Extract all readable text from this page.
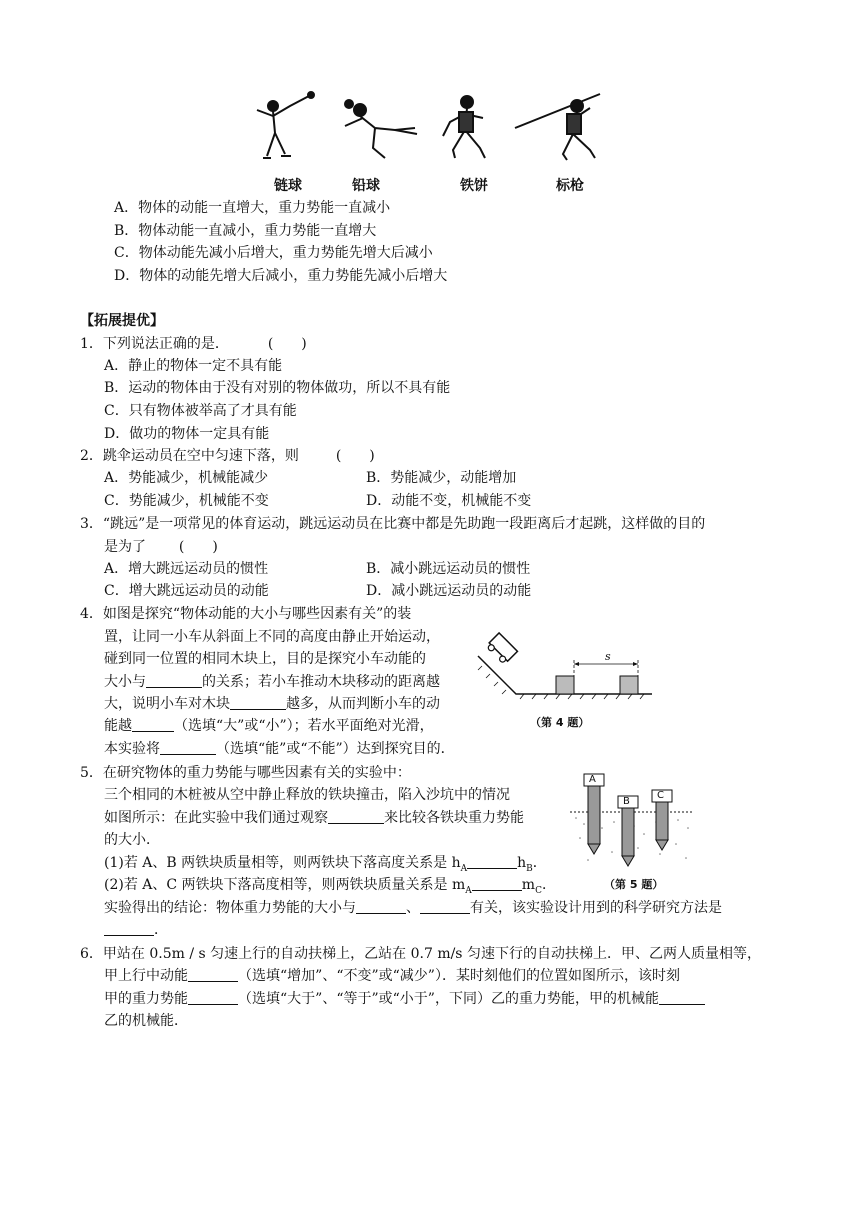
链球	铅球	铁饼	标枪
A．物体的动能一直增大，重力势能一直减小
B．物体动能一直减小，重力势能一直增大
C．物体动能先减小后增大，重力势能先增大后减小
D．物体的动能先增大后减小，重力势能先减小后增大
【拓展提优】
1．下列说法正确的是．	(　　)
A．静止的物体一定不具有能
B．运动的物体由于没有对别的物体做功，所以不具有能
C．只有物体被举高了才具有能
D．做功的物体一定具有能
2．跳伞运动员在空中匀速下落，则	(　　)
A．势能减少，机械能减少	B．势能减少，动能增加
C．势能减少，机械能不变	D．动能不变，机械能不变
3．“跳远”是一项常见的体育运动，跳远运动员在比赛中都是先助跑一段距离后才起跳，这样做的目的
是为了 (　　)
A．增大跳远运动员的惯性	B．减小跳远运动员的惯性
C．增大跳远运动员的动能	D．减小跳远运动员的动能
4．如图是探究“物体动能的大小与哪些因素有关”的装
置，让同一小车从斜面上不同的高度由静止开始运动，
碰到同一位置的相同木块上，目的是探究小车动能的
大小与	的关系；若小车推动木块移动的距离越
大，说明小车对木块	越多，从而判断小车的动
能越	（选填“大”或“小”）；若水平面绝对光滑，
本实验将	（选填“能”或“不能”）达到探究目的．
s
（第 4 题）
5．在研究物体的重力势能与哪些因素有关的实验中：
三个相同的木桩被从空中静止释放的铁块撞击，陷入沙坑中的情况
如图所示：在此实验中我们通过观察	来比较各铁块重力势能
的大小．
(1)若 A、B 两铁块质量相等，则两铁块下落高度关系是 $h_A$	$h_B$．
(2)若 A、C 两铁块下落高度相等，则两铁块质量关系是 $m_A$	$m_C$．
实验得出的结论：物体重力势能的大小与	、	有关，该实验设计用到的科学研究方法是
．
A
B
C
（第 5 题）
6．甲站在 0.5m / s 匀速上行的自动扶梯上，乙站在 0.7 m/s 匀速下行的自动扶梯上．甲、乙两人质量相等，
甲上行中动能	（选填“增加”、“不变”或“减少”）．某时刻他们的位置如图所示，该时刻
甲的重力势能	（选填“大于”、“等于”或“小于”，下同）乙的重力势能，甲的机械能
乙的机械能．
